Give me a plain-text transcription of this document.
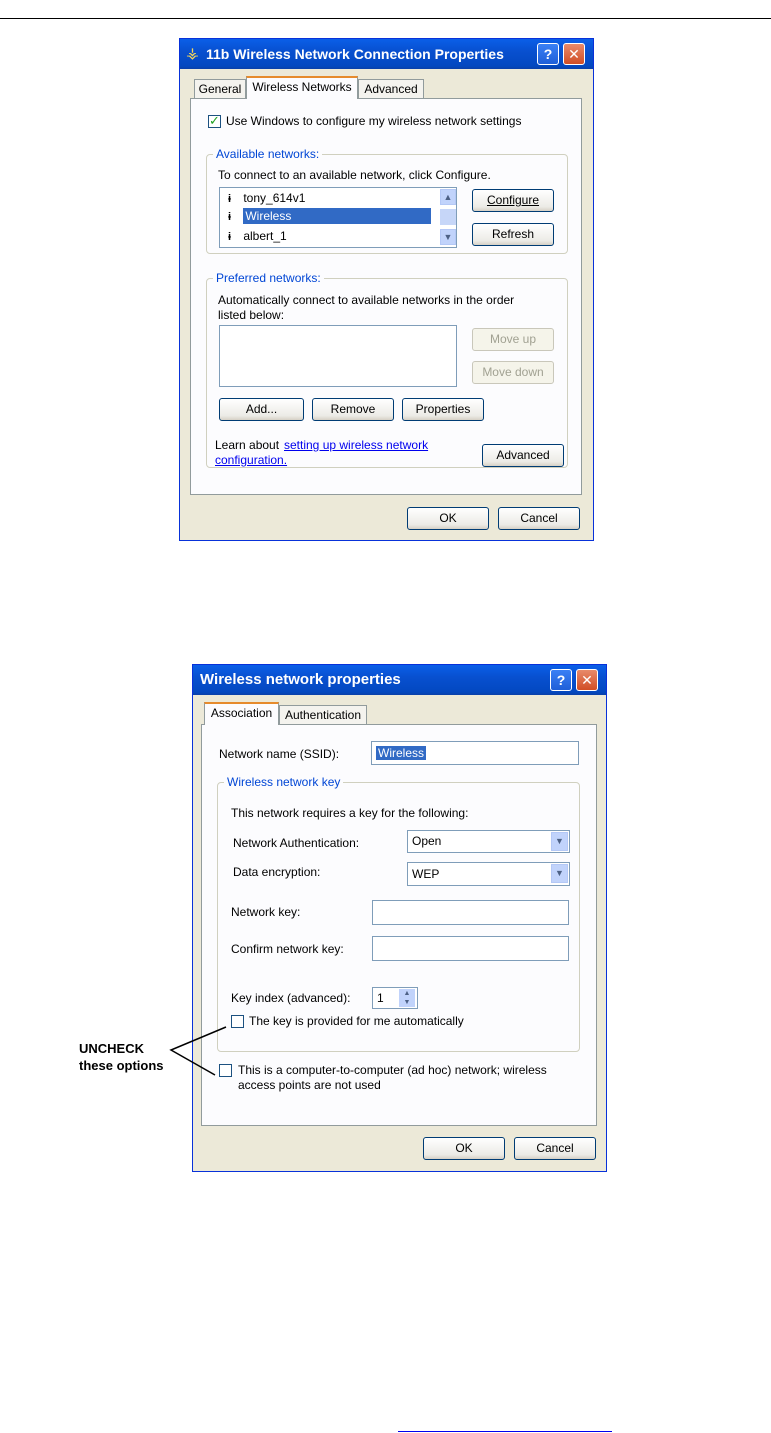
⚶ 11b Wireless Network Connection Properties	?	✕
General Wireless Networks	Advanced
✓
Use Windows to configure my wireless network settings
Available networks:
To connect to an available network, click Configure.
ɨ tony_614v1
ɨ Wireless
ɨ albert_1
▲
▼
Configure
Refresh
Preferred networks:
Automatically connect to available networks in the order listed below:
Move up
Move down
Add...	Remove	Properties
Learn about setting up wireless network
configuration.	Advanced
OK	Cancel
Wireless network properties	?	✕
Association	Authentication
Network name (SSID):	Wireless
Wireless network key
This network requires a key for the following:
Network Authentication:	Open	▼
Data encryption:	WEP	▼
Network key:
Confirm network key:
Key index (advanced):	1	▲
▼
The key is provided for me automatically
This is a computer-to-computer (ad hoc) network; wireless
access points are not used
OK	Cancel
UNCHECK
these options
